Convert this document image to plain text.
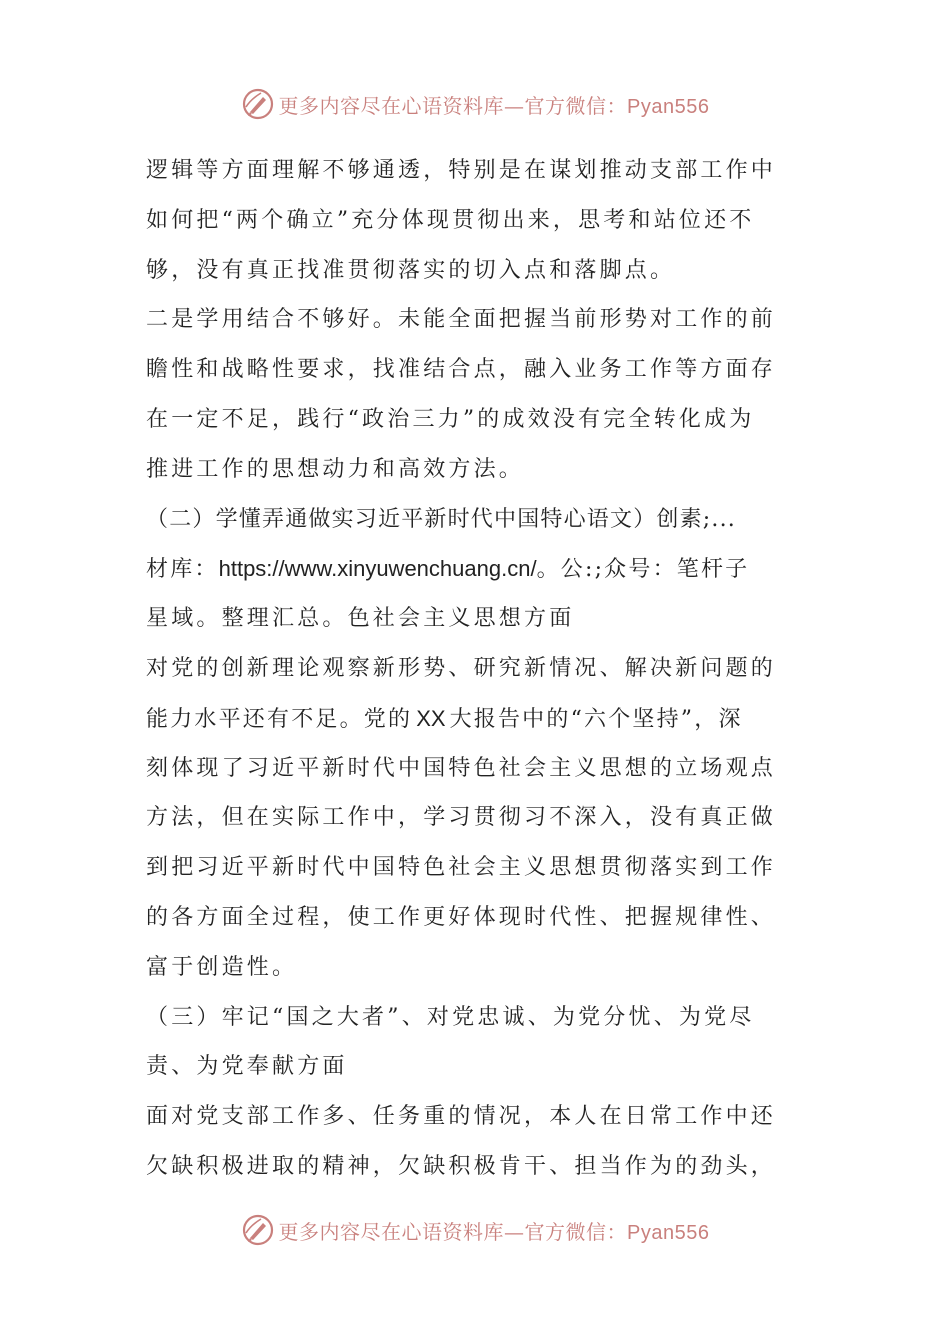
更多内容尽在心语资料库—官方微信：Pyan556
逻辑等方面理解不够通透，特别是在谋划推动支部工作中
如何把“两个确立”充分体现贯彻出来，思考和站位还不
够，没有真正找准贯彻落实的切入点和落脚点。
二是学用结合不够好。未能全面把握当前形势对工作的前
瞻性和战略性要求，找准结合点，融入业务工作等方面存
在一定不足，践行“政治三力”的成效没有完全转化成为
推进工作的思想动力和高效方法。
（二）学懂弄通做实习近平新时代中国特心语文）创素;...
材库：https://www.xinyuwenchuang.cn/。公:;众号：笔杆子
星域。整理汇总。色社会主义思想方面
对党的创新理论观察新形势、研究新情况、解决新问题的
能力水平还有不足。党的 XX 大报告中的“六个坚持”，深
刻体现了习近平新时代中国特色社会主义思想的立场观点
方法，但在实际工作中，学习贯彻习不深入，没有真正做
到把习近平新时代中国特色社会主义思想贯彻落实到工作
的各方面全过程，使工作更好体现时代性、把握规律性、
富于创造性。
（三）牢记“国之大者”、对党忠诚、为党分忧、为党尽
责、为党奉献方面
面对党支部工作多、任务重的情况，本人在日常工作中还
欠缺积极进取的精神，欠缺积极肯干、担当作为的劲头，
更多内容尽在心语资料库—官方微信：Pyan556
